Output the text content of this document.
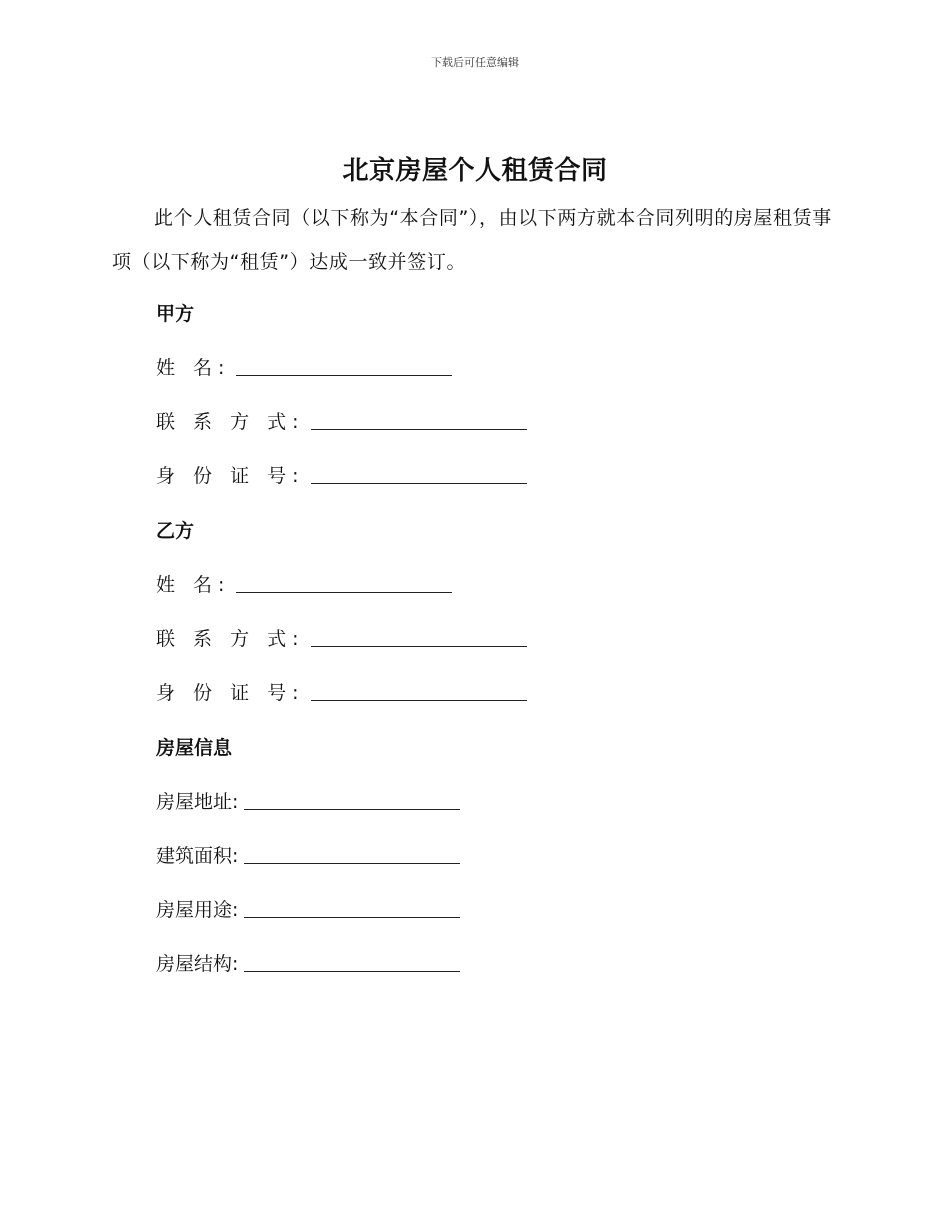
下载后可任意编辑
北京房屋个人租赁合同
此个人租赁合同（以下称为“本合同”），由以下两方就本合同列明的房屋租赁事项（以下称为“租赁”）达成一致并签订。
甲方
姓 名:
联 系 方 式:
身 份 证 号:
乙方
姓 名:
联 系 方 式:
身 份 证 号:
房屋信息
房屋地址:
建筑面积:
房屋用途:
房屋结构:
